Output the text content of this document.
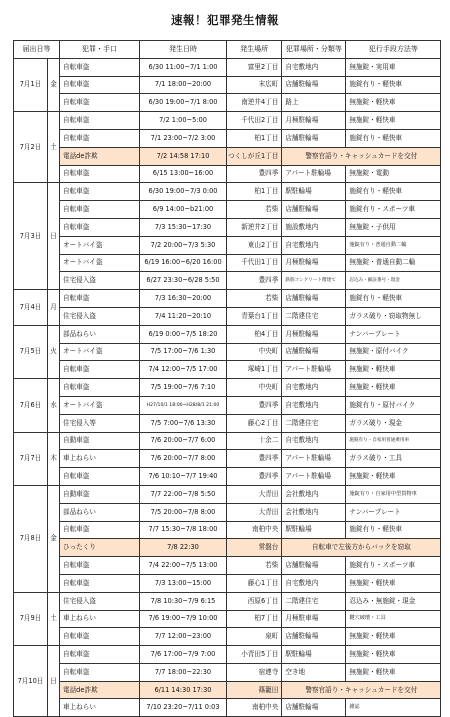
速報！犯罪発生情報
届出日等		犯罪・手口	発生日時	発生場所	犯罪場所・分類等	犯行手段方法等
7月1日	金	自転車盗	6/30 11:00~7/1 1:00	富里2丁目	自宅敷地内	無施錠・実用車
		自転車盗	7/1 18:00~20:00	末広町	店舗駐輪場	施錠有り・軽快車
		自転車盗	6/30 19:00~7/1 8:00	南逆井4丁目	路上	無施錠・軽快車
7月2日	土	自転車盗	7/2 1:00~5:00	千代田2丁目	月極駐輪場	無施錠・軽快車
		自転車盗	7/1 23:00~7/2 3:00	柏1丁目	店舗駐輪場	施錠有り・軽快車
		電話de詐欺	7/2 14:58 17:10	つくしが丘1丁目	警察官語り・キャッシュカードを交付	
		自転車盗	6/15 13:00~16:00	豊四季	アパート駐輪場	無施錠・電動
7月3日	日	自転車盗	6/30 19:00~7/3 0:00	柏1丁目	駅駐輪場	施錠有り・軽快車
		自転車盗	6/9 14:00~b21:00	若柴	店舗駐輪場	施錠有り・スポーツ車
		自転車盗	7/3 15:30~17:30	新逆井2丁目	施設敷地内	無施錠・子供用
		オートバイ盗	7/2 20:00~7/3 5:30	東山2丁目	自宅敷地内	施錠有り・普通自動二輪
		オートバイ盗	6/19 16:00~6/20 16:00	千代田1丁目	月極駐輪場	無施錠・普通自動二輪
		住宅侵入盗	6/27 23:30~6/28 5:50	豊四季	鉄筋コンクリート階建て	忍込み・細証番号・現金
7月4日	月	自転車盗	7/3 16:30~20:00	若柴	店舗駐輪場	施錠有り・軽快車
		住宅侵入盗	7/4 11:20~20:10	青葉台1丁目	二階建住宅	ガラス破り・窃取物無し
7月5日	火	部品ねらい	6/19 0:00~7/5 18:20	柏4丁目	月極駐輪場	ナンバープレート
		オートバイ盗	7/5 17:00~7/6 1:30	中央町	店舗駐輪場	無施錠・原付バイク
		自転車盗	7/4 12:00~7/5 17:00	塚崎1丁目	アパート駐輪場	無施錠・軽快車
7月6日	水	自転車盗	7/5 19:00~7/6 7:10	中央町	自宅敷地内	無施錠・軽快車
		オートバイ盗	H27/10/1 18:00~H28/8/1 21:00	豊四季	自宅敷地内	施錠有り・原付バイク
		住宅侵入等	7/5 7:00~7/6 13:30	藤心2丁目	二階建住宅	ガラス破り・現金
7月7日	木	自動車盗	7/6 20:00~7/7 6:00	十余二	自宅敷地内	施錠有り・自家用普通乗用車
		車上ねらい	7/6 20:00~7/7 8:00	豊四季	アパート駐輪場	ガラス破り・工具
		自転車盗	7/6 10:10~7/7 19:40	豊四季	アパート駐輪場	無施錠・軽快車
7月8日	金	自動車盗	7/7 22:00~7/8 5:50	大青田	会社敷地内	施錠有り・自家用中型貨物車
		部品ねらい	7/5 20:00~7/8 8:00	大青田	会社敷地内	ナンバープレート
		自転車盗	7/7 15:30~7/8 18:00	南柏中央	駅駐輪場	施錠有り・軽快車
		ひったくり	7/8 22:30	常盤台	自転車で左後方からバックを窃取	
		自転車盗	7/4 22:00~7/5 13:00	若柴	店舗駐輪場	施錠有り・スポーツ車
		自転車盗	7/3 13:00~15:00	藤心1丁目	自宅敷地内	無施錠・軽快車
7月9日	土	住宅侵入盗	7/8 10:30~7/9 6:15	西原6丁目	二階建住宅	忍込み・無施錠・現金
		車上ねらい	7/6 19:00~7/9 10:00	柏7丁目	月極駐車場	鍵穴破壊・工具
		自転車盗	7/7 12:00~23:00	泉町	店舗駐輪場	無施錠・軽快車
7月10日	日	自転車盗	7/6 17:00~7/9 7:00	小青田5丁目	駅駐輪場	無施錠・軽快車
		自転車盗	7/7 18:00~22:30	宿連寺	空き地	無施錠・軽快車
		電話de詐欺	6/11 14:30 17:30	篠籠田	警察官語り・キャッシュカードを交付	
		車上ねらい	7/10 23:20~7/11 0:03	南柏中央	店舗駐輪場	雑誌
